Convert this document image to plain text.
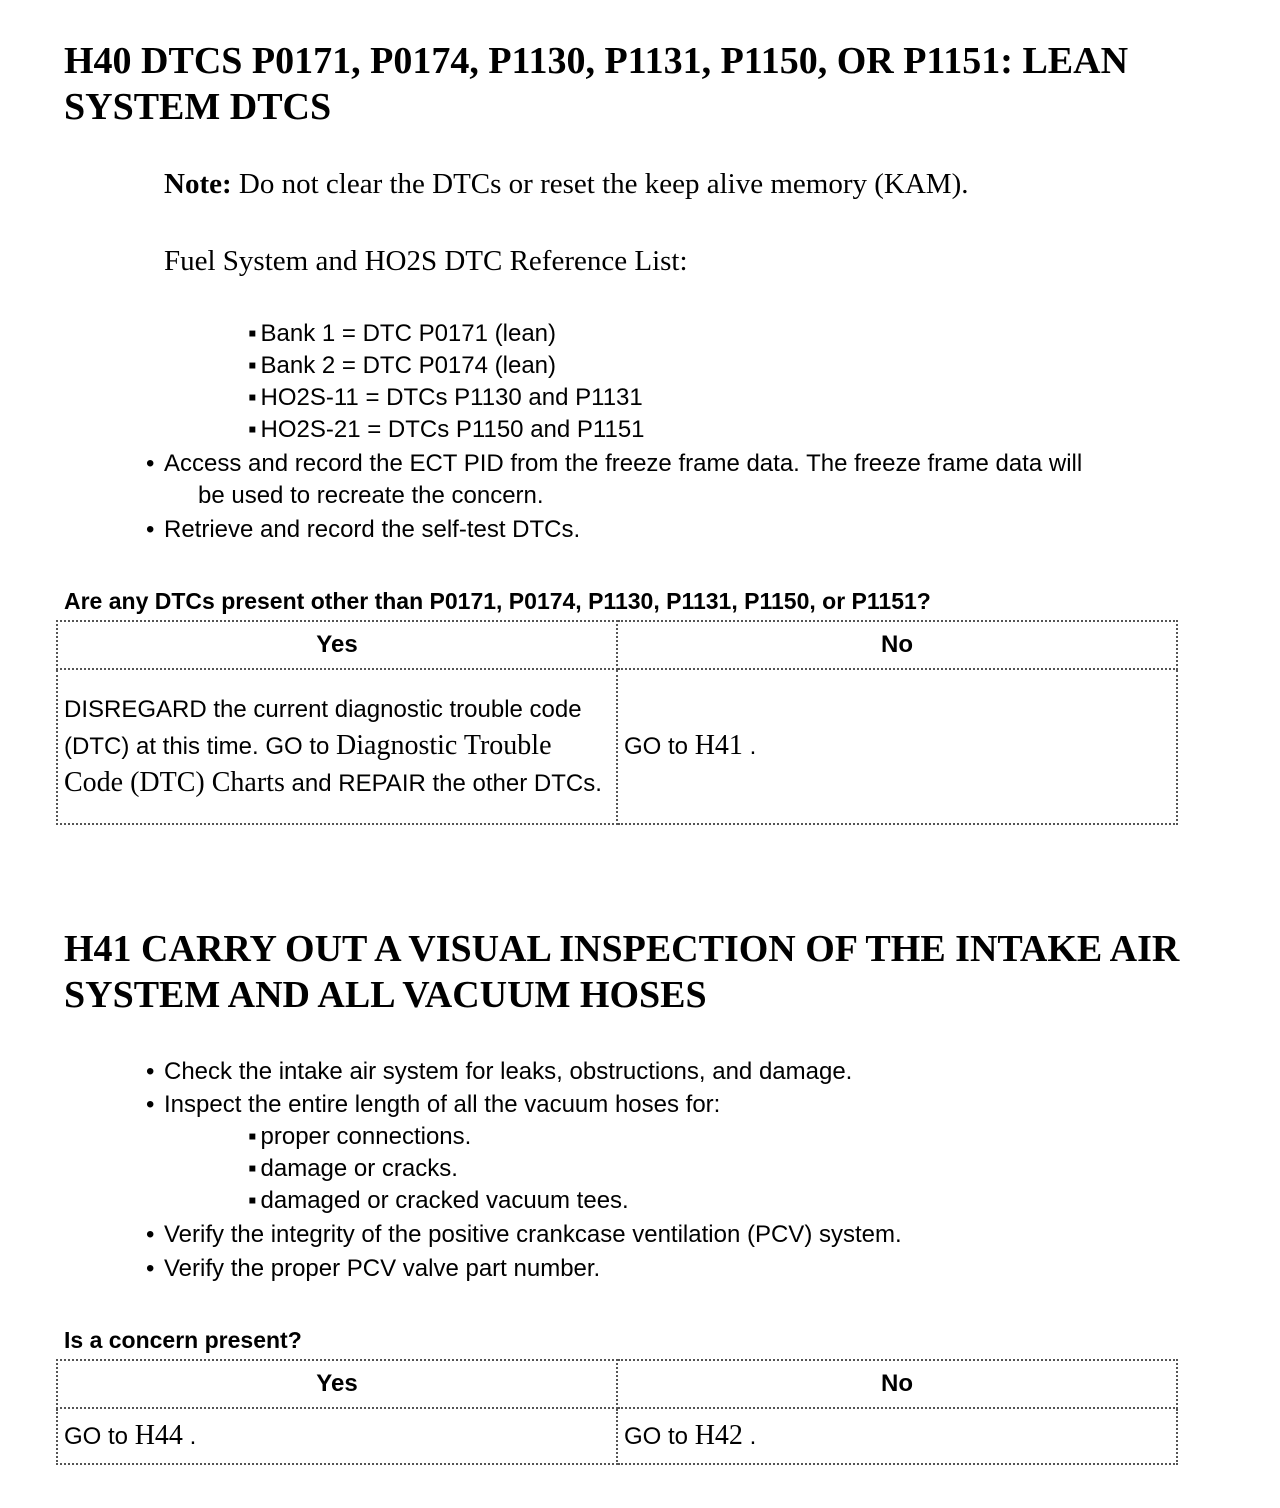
H40 DTCS P0171, P0174, P1130, P1131, P1150, OR P1151: LEAN
SYSTEM DTCS

Note: Do not clear the DTCs or reset the keep alive memory (KAM).

Fuel System and HO2S DTC Reference List:

▪ Bank 1 = DTC P0171 (lean)

▪ Bank 2 = DTC P0174 (lean)

▪ HO2S-11 = DTCs P1130 and P1131

▪ HO2S-21 = DTCs P1150 and P1151

• Access and record the ECT PID from the freeze frame data. The freeze frame data will
be used to recreate the concern.

• Retrieve and record the self-test DTCs.

Are any DTCs present other than P0171, P0174, P1130, P1131, P1150, or P1151?

Yes	No
DISREGARD the current diagnostic trouble code (DTC) at this time. GO to Diagnostic Trouble Code (DTC) Charts and REPAIR the other DTCs.	GO to H41 .
H41 CARRY OUT A VISUAL INSPECTION OF THE INTAKE AIR
SYSTEM AND ALL VACUUM HOSES

• Check the intake air system for leaks, obstructions, and damage.

• Inspect the entire length of all the vacuum hoses for:

▪ proper connections.

▪ damage or cracks.

▪ damaged or cracked vacuum tees.

• Verify the integrity of the positive crankcase ventilation (PCV) system.

• Verify the proper PCV valve part number.

Is a concern present?

Yes	No
GO to H44 .	GO to H42 .
